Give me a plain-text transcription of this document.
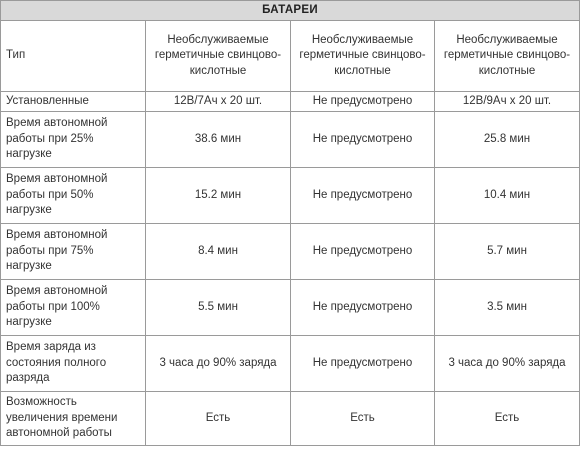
БАТАРЕИ			
Тип	Необслуживаемые герметичные свинцово-кислотные	Необслуживаемые герметичные свинцово-кислотные	Необслуживаемые герметичные свинцово-кислотные
Установленные	12В/7Ач x 20 шт.	Не предусмотрено	12В/9Ач x 20 шт.
Время автономной работы при 25% нагрузке	38.6 мин	Не предусмотрено	25.8 мин
Время автономной работы при 50% нагрузке	15.2 мин	Не предусмотрено	10.4 мин
Время автономной работы при 75% нагрузке	8.4 мин	Не предусмотрено	5.7 мин
Время автономной работы при 100% нагрузке	5.5 мин	Не предусмотрено	3.5 мин
Время заряда из состояния полного разряда	3 часа до 90% заряда	Не предусмотрено	3 часа до 90% заряда
Возможность увеличения времени автономной работы	Есть	Есть	Есть
